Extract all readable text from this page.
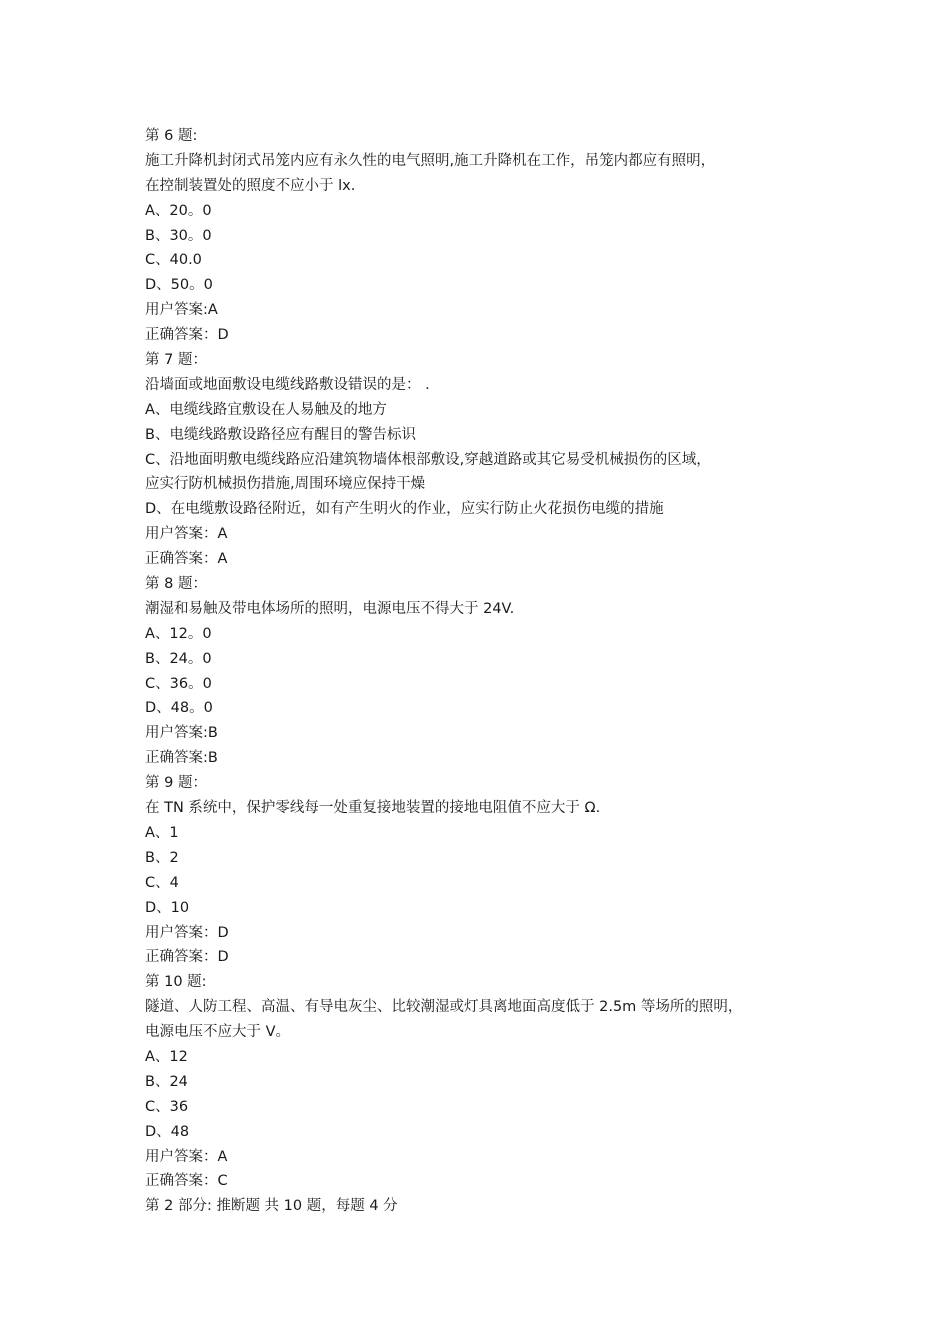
第 6 题:
施工升降机封闭式吊笼内应有永久性的电气照明,施工升降机在工作，吊笼内都应有照明，
在控制装置处的照度不应小于 lx.
A、20。0
B、30。0
C、40.0
D、50。0
用户答案:A
正确答案：D
第 7 题：
沿墙面或地面敷设电缆线路敷设错误的是： .
A、电缆线路宜敷设在人易触及的地方
B、电缆线路敷设路径应有醒目的警告标识
C、沿地面明敷电缆线路应沿建筑物墙体根部敷设,穿越道路或其它易受机械损伤的区域，
应实行防机械损伤措施,周围环境应保持干燥
D、在电缆敷设路径附近，如有产生明火的作业，应实行防止火花损伤电缆的措施
用户答案：A
正确答案：A
第 8 题：
潮湿和易触及带电体场所的照明，电源电压不得大于 24V.
A、12。0
B、24。0
C、36。0
D、48。0
用户答案:B
正确答案:B
第 9 题：
在 TN 系统中，保护零线每一处重复接地装置的接地电阻值不应大于 Ω.
A、1
B、2
C、4
D、10
用户答案：D
正确答案：D
第 10 题:
隧道、人防工程、高温、有导电灰尘、比较潮湿或灯具离地面高度低于 2.5m 等场所的照明，
电源电压不应大于 V。
A、12
B、24
C、36
D、48
用户答案：A
正确答案：C
第 2 部分: 推断题 共 10 题，每题 4 分
